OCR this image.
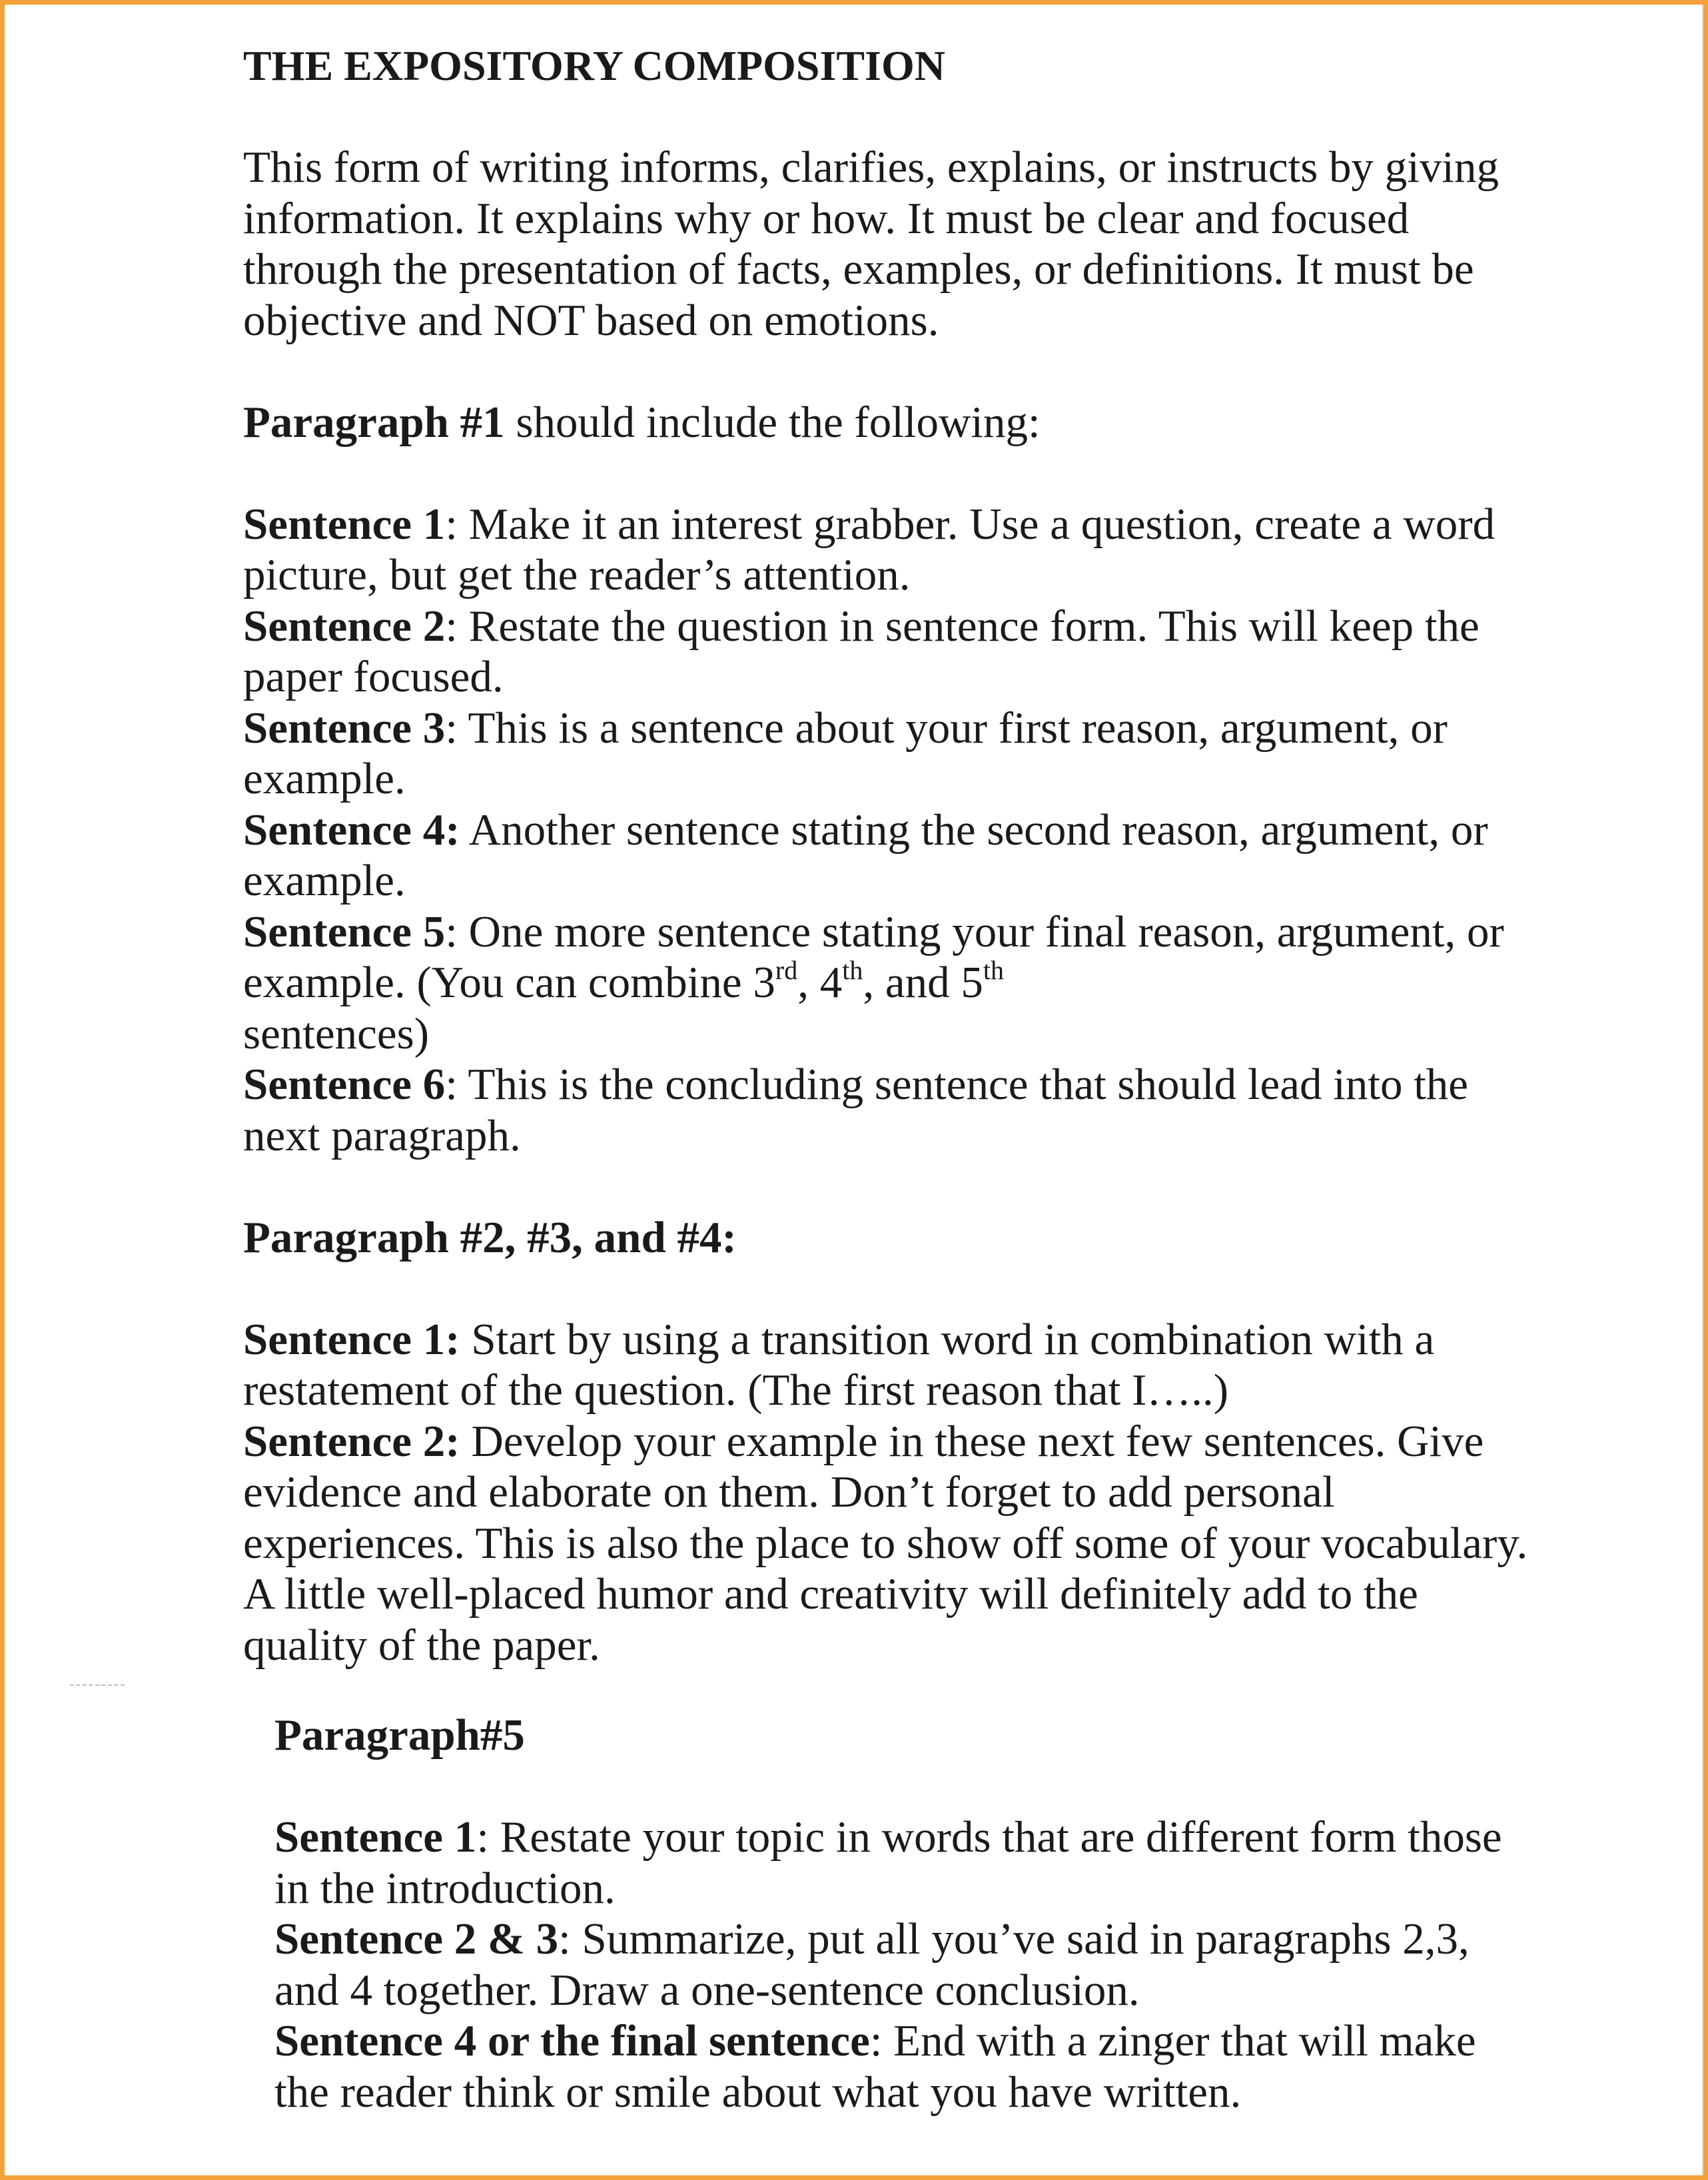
THE EXPOSITORY COMPOSITION

This form of writing informs, clarifies, explains, or instructs by giving information. It explains why or how. It must be clear and focused through the presentation of facts, examples, or definitions. It must be objective and NOT based on emotions.

Paragraph #1 should include the following:

Sentence 1: Make it an interest grabber. Use a question, create a word picture, but get the reader’s attention.

Sentence 2: Restate the question in sentence form. This will keep the paper focused.

Sentence 3: This is a sentence about your first reason, argument, or example.

Sentence 4: Another sentence stating the second reason, argument, or example.

Sentence 5: One more sentence stating your final reason, argument, or example. (You can combine 3rd, 4th, and 5th
sentences)

Sentence 6: This is the concluding sentence that should lead into the next paragraph.

Paragraph #2, #3, and #4:

Sentence 1: Start by using a transition word in combination with a restatement of the question. (The first reason that I…..)

Sentence 2: Develop your example in these next few sentences. Give evidence and elaborate on them. Don’t forget to add personal experiences. This is also the place to show off some of your vocabulary. A little well-placed humor and creativity will definitely add to the quality of the paper.

Paragraph#5

Sentence 1: Restate your topic in words that are different form those in the introduction.

Sentence 2 & 3: Summarize, put all you’ve said in paragraphs 2,3, and 4 together. Draw a one-sentence conclusion.

Sentence 4 or the final sentence: End with a zinger that will make the reader think or smile about what you have written.
